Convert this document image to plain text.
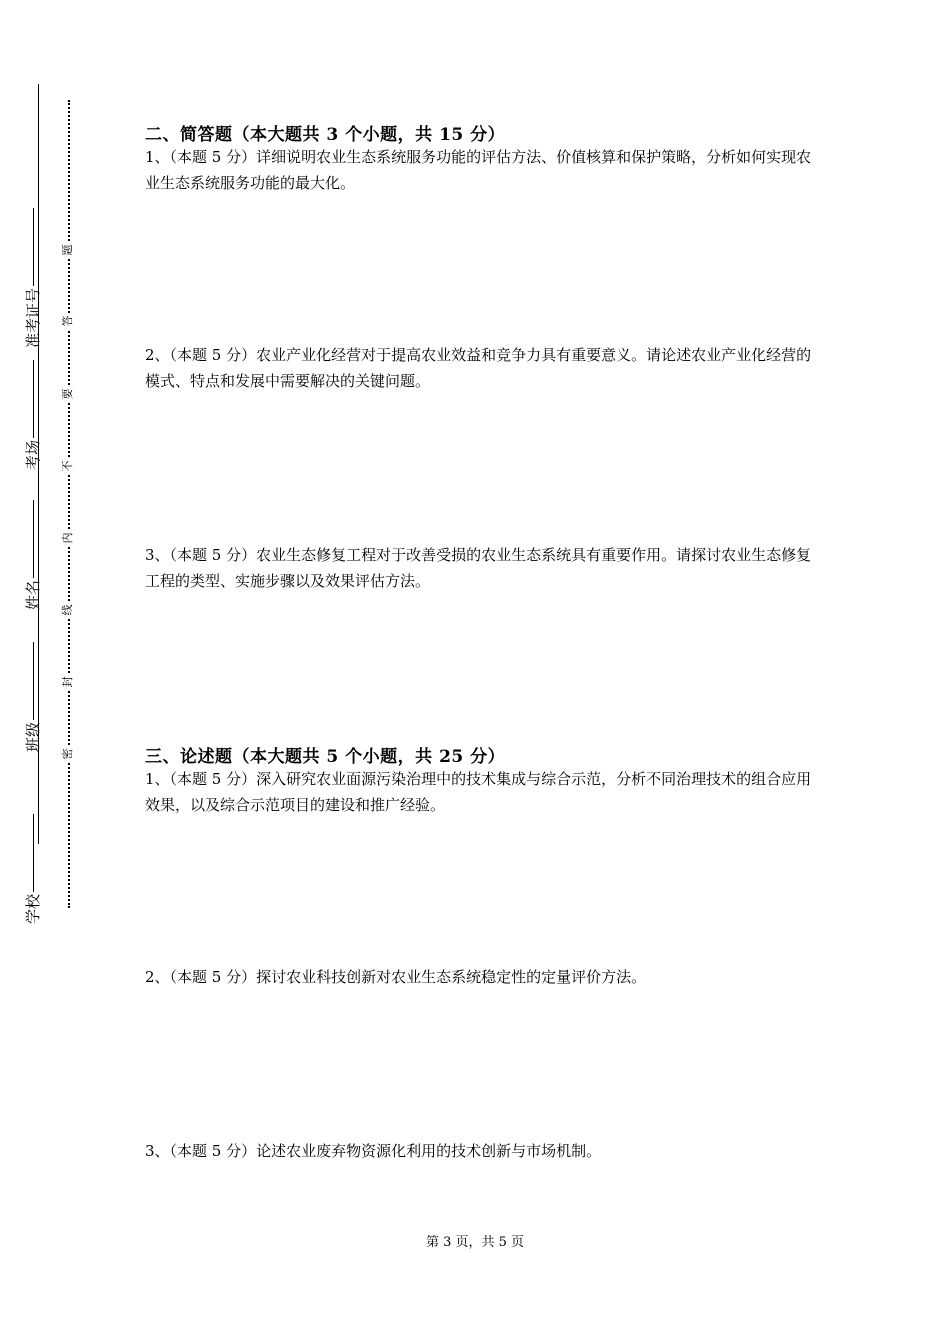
准考证号
考场
姓名
班级
学校
题
答
要
不
内
线
封
密
二、简答题（本大题共 3 个小题，共 15 分）
1、（本题 5 分）详细说明农业生态系统服务功能的评估方法、价值核算和保护策略，分析如何实现农业生态系统服务功能的最大化。
2、（本题 5 分）农业产业化经营对于提高农业效益和竞争力具有重要意义。请论述农业产业化经营的模式、特点和发展中需要解决的关键问题。
3、（本题 5 分）农业生态修复工程对于改善受损的农业生态系统具有重要作用。请探讨农业生态修复工程的类型、实施步骤以及效果评估方法。
三、论述题（本大题共 5 个小题，共 25 分）
1、（本题 5 分）深入研究农业面源污染治理中的技术集成与综合示范，分析不同治理技术的组合应用效果，以及综合示范项目的建设和推广经验。
2、（本题 5 分）探讨农业科技创新对农业生态系统稳定性的定量评价方法。
3、（本题 5 分）论述农业废弃物资源化利用的技术创新与市场机制。
第 3 页，共 5 页
